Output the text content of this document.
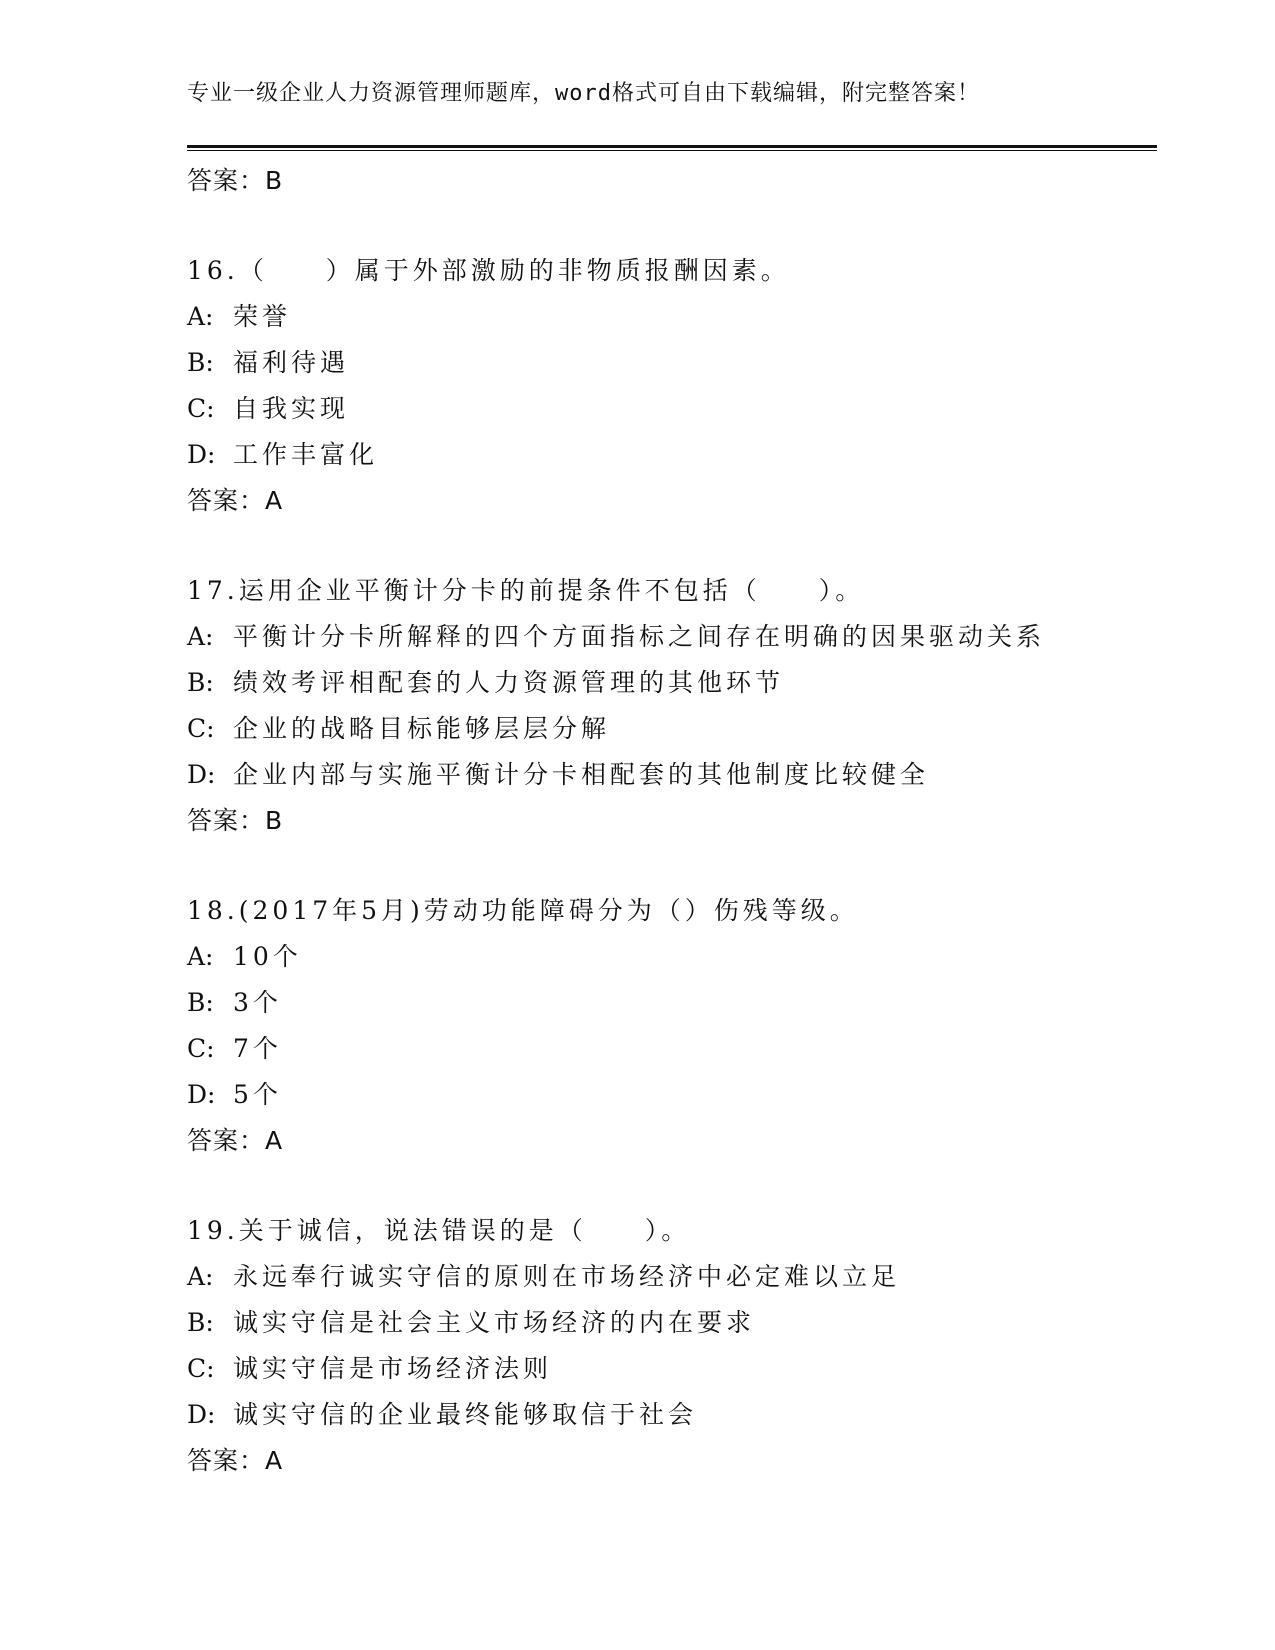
专业一级企业人力资源管理师题库，word格式可自由下载编辑，附完整答案！
答案：B
16.（　　）属于外部激励的非物质报酬因素。
A: 荣誉
B: 福利待遇
C: 自我实现
D: 工作丰富化
答案：A
17.运用企业平衡计分卡的前提条件不包括（　　）。
A: 平衡计分卡所解释的四个方面指标之间存在明确的因果驱动关系
B: 绩效考评相配套的人力资源管理的其他环节
C: 企业的战略目标能够层层分解
D: 企业内部与实施平衡计分卡相配套的其他制度比较健全
答案：B
18.(2017年5月)劳动功能障碍分为（）伤残等级。
A: 10个
B: 3个
C: 7个
D: 5个
答案：A
19.关于诚信，说法错误的是（　　）。
A: 永远奉行诚实守信的原则在市场经济中必定难以立足
B: 诚实守信是社会主义市场经济的内在要求
C: 诚实守信是市场经济法则
D: 诚实守信的企业最终能够取信于社会
答案：A
